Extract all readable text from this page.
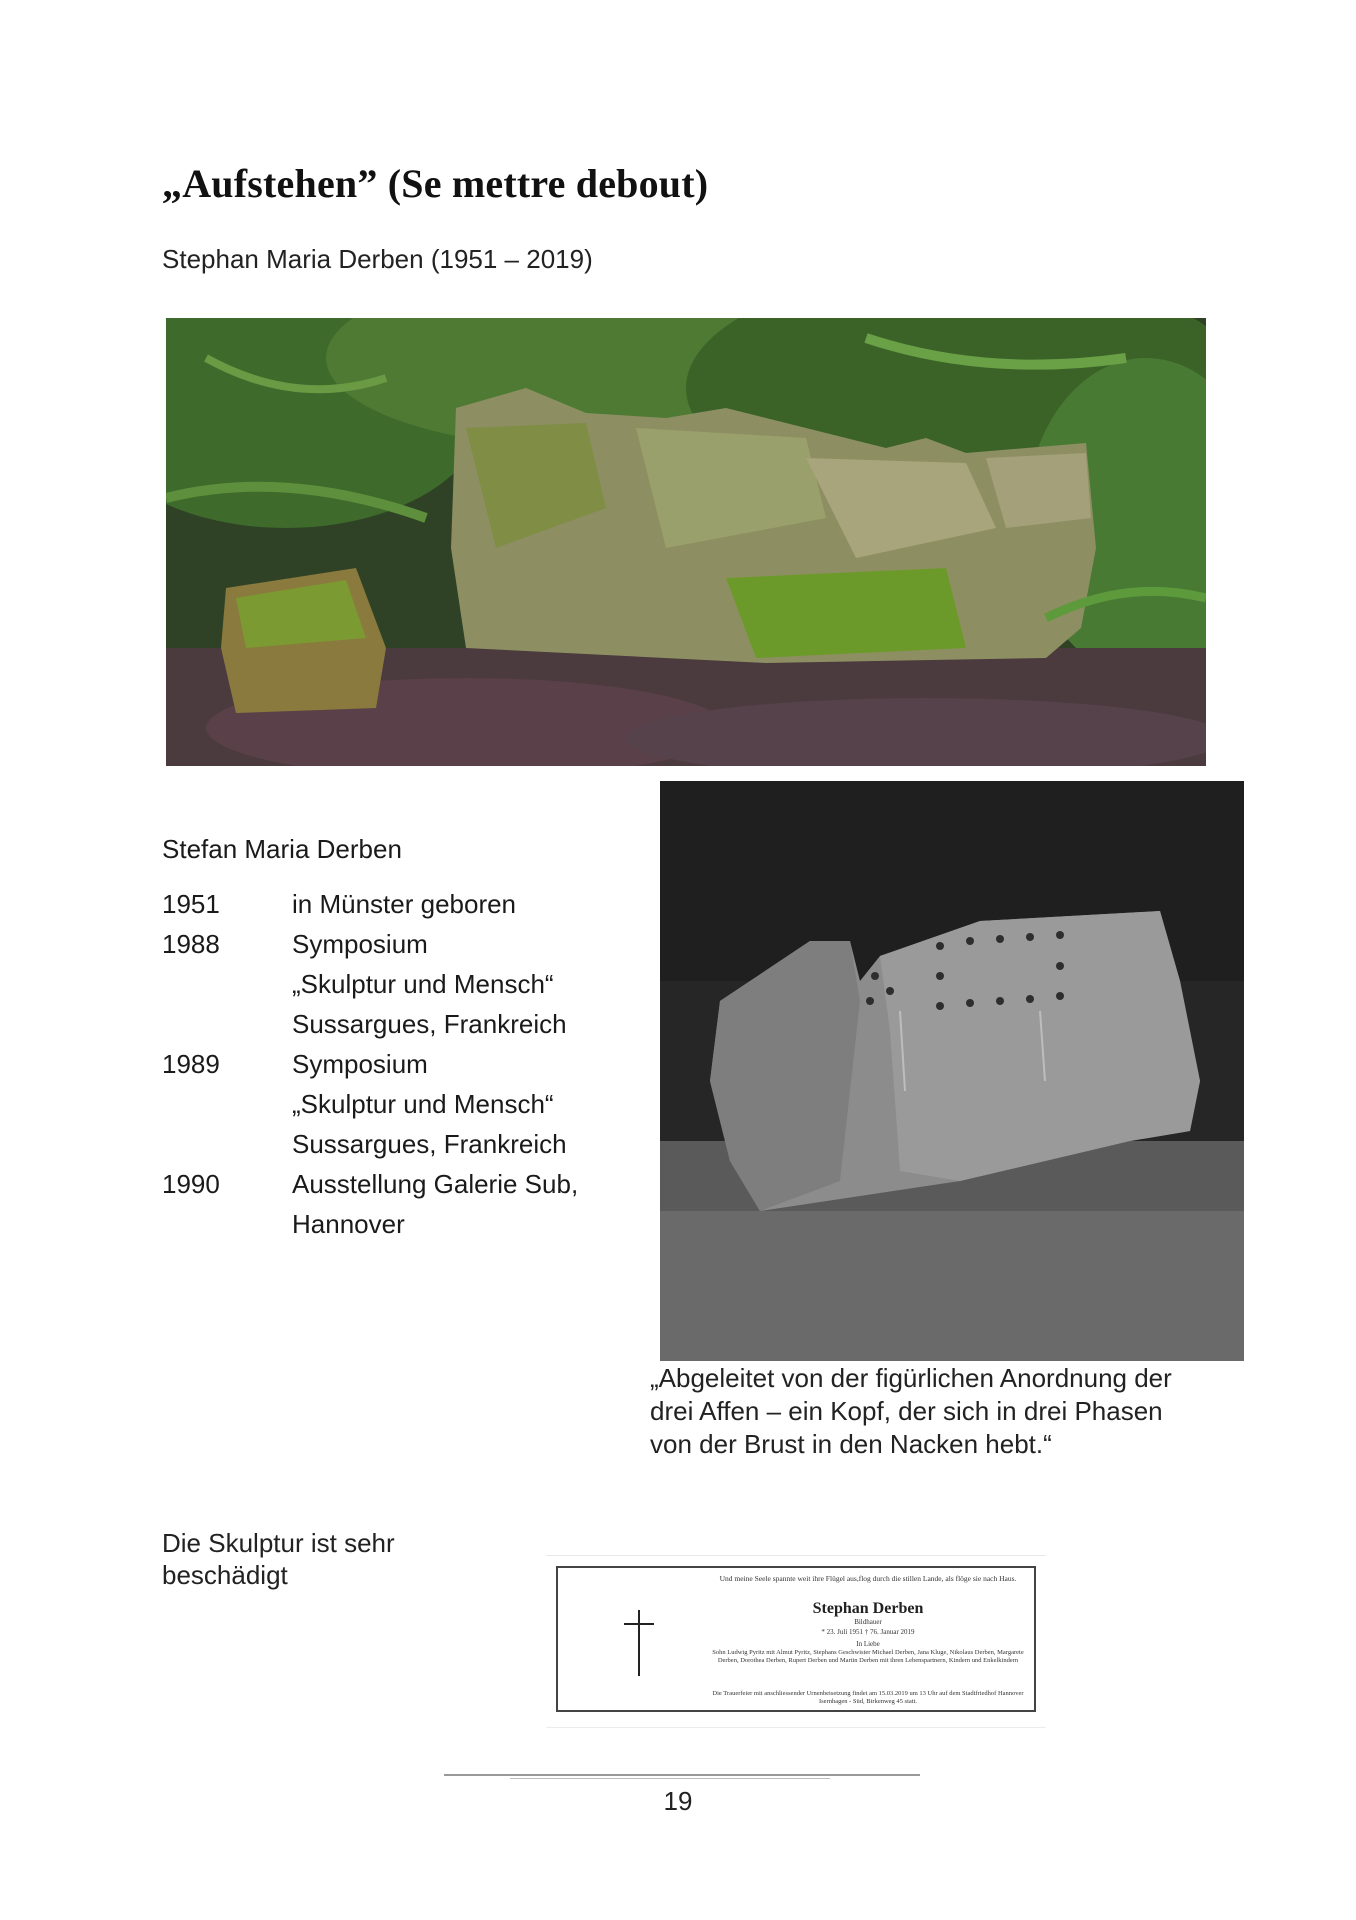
„Aufstehen” (Se mettre debout)
Stephan Maria Derben (1951 – 2019)
Stefan Maria Derben
1951	in Münster geboren
1988	Symposium
„Skulptur und Mensch“
Sussargues, Frankreich
1989	Symposium
„Skulptur und Mensch“
Sussargues, Frankreich
1990	Ausstellung Galerie Sub,
Hannover
„Abgeleitet von der figürlichen Anordnung der drei Affen – ein Kopf, der sich in drei Phasen von der Brust in den Nacken hebt.“
Die Skulptur ist sehr beschädigt	Und meine Seele spannte weit ihre Flügel aus,flog durch die stillen Lande, als flöge sie nach Haus.
Stephan Derben
Bildhauer
* 23. Juli 1951 † 76. Januar 2019
In Liebe
Sohn Ludwig Pyritz mit Almut Pyritz, Stephans Geschwister Michael Derben, Jana Kluge, Nikolaus Derben, Margarete Derben, Dorothea Derben, Rupert Derben und Martin Derben mit ihren Lebenspartnern, Kindern und Enkelkindern
Die Trauerfeier mit anschliessender Urnenbeisetzung findet am 15.03.2019 um 13 Uhr auf dem Stadtfriedhof Hannover Isernhagen - Süd, Birkenweg 45 statt.
19
